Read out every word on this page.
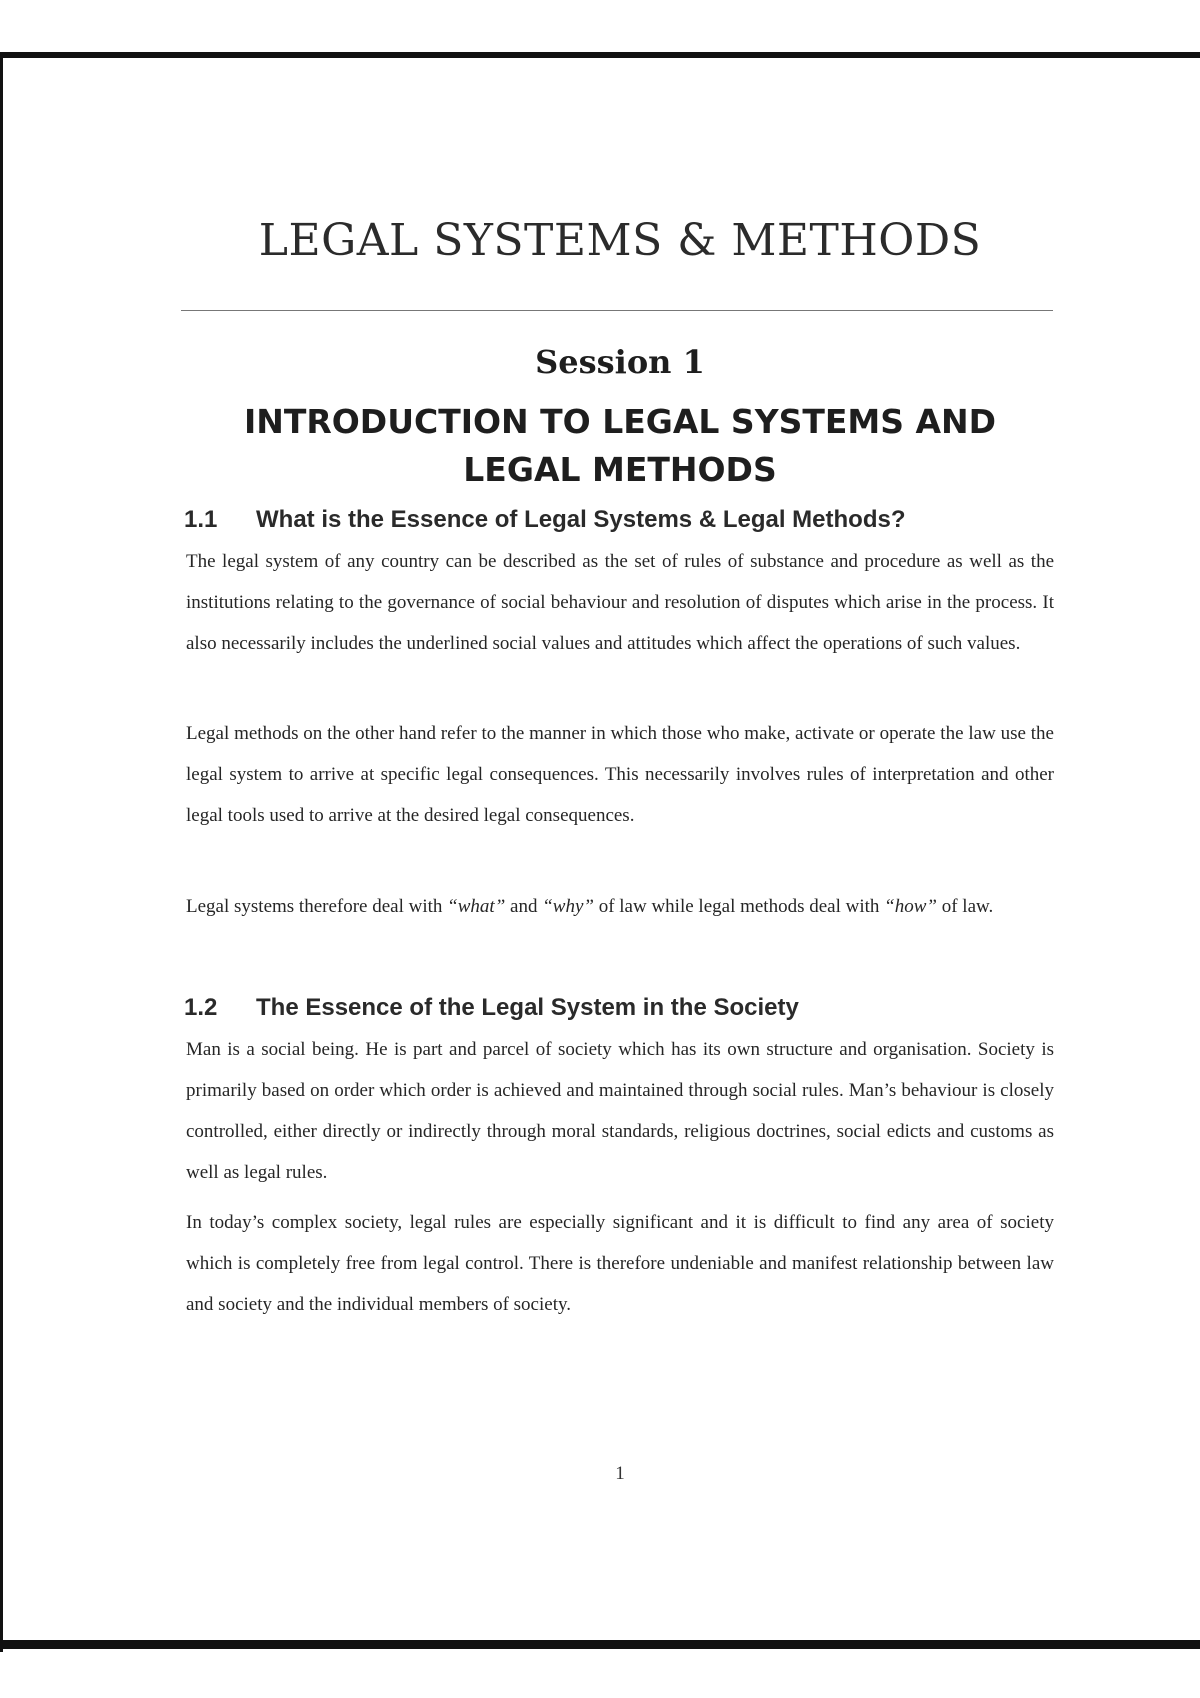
LEGAL SYSTEMS & METHODS
Session 1
INTRODUCTION TO LEGAL SYSTEMS AND LEGAL METHODS
1.1 What is the Essence of Legal Systems & Legal Methods?

The legal system of any country can be described as the set of rules of substance and procedure as well as the institutions relating to the governance of social behaviour and resolution of disputes which arise in the process. It also necessarily includes the underlined social values and attitudes which affect the operations of such values.

Legal methods on the other hand refer to the manner in which those who make, activate or operate the law use the legal system to arrive at specific legal consequences. This necessarily involves rules of interpretation and other legal tools used to arrive at the desired legal consequences.

Legal systems therefore deal with “what” and “why” of law while legal methods deal with “how” of law.

1.2 The Essence of the Legal System in the Society

Man is a social being. He is part and parcel of society which has its own structure and organisation. Society is primarily based on order which order is achieved and maintained through social rules. Man’s behaviour is closely controlled, either directly or indirectly through moral standards, religious doctrines, social edicts and customs as well as legal rules.

In today’s complex society, legal rules are especially significant and it is difficult to find any area of society which is completely free from legal control. There is therefore undeniable and manifest relationship between law and society and the individual members of society.

1
